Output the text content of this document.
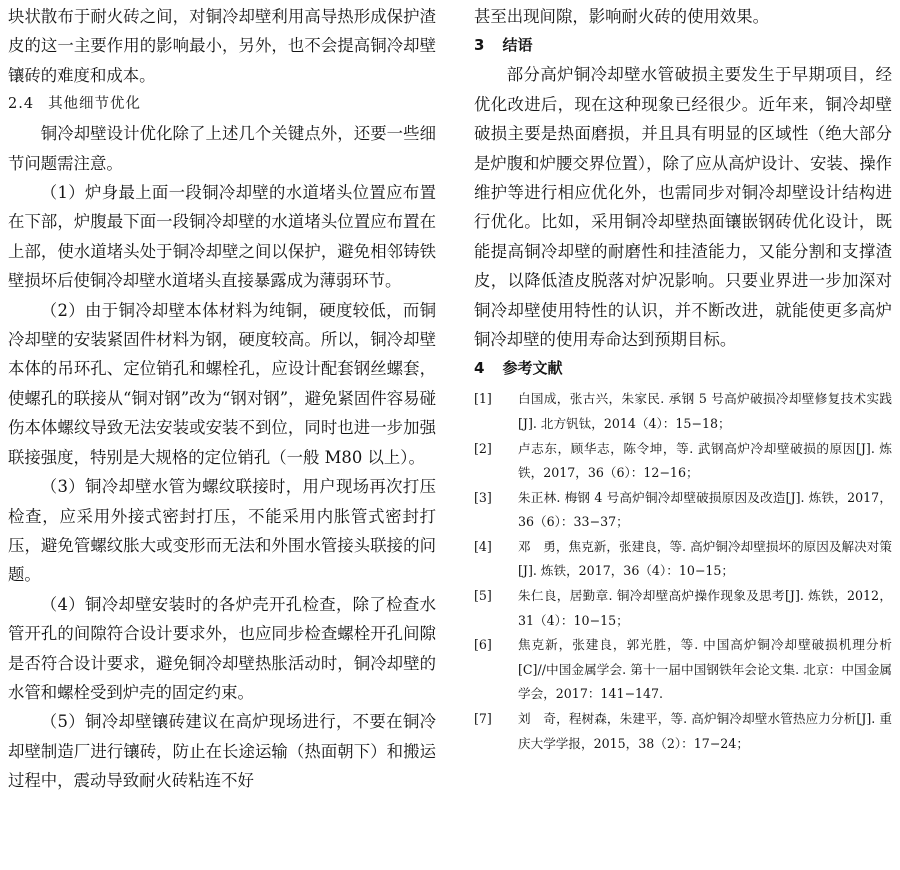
块状散布于耐火砖之间，对铜冷却壁利用高导热形成保护渣皮的这一主要作用的影响最小，另外，也不会提高铜冷却壁镶砖的难度和成本。

2.4 其他细节优化

铜冷却壁设计优化除了上述几个关键点外，还要一些细节问题需注意。

（1）炉身最上面一段铜冷却壁的水道堵头位置应布置在下部，炉腹最下面一段铜冷却壁的水道堵头位置应布置在上部，使水道堵头处于铜冷却壁之间以保护，避免相邻铸铁壁损坏后使铜冷却壁水道堵头直接暴露成为薄弱环节。

（2）由于铜冷却壁本体材料为纯铜，硬度较低，而铜冷却壁的安装紧固件材料为钢，硬度较高。所以，铜冷却壁本体的吊环孔、定位销孔和螺栓孔，应设计配套钢丝螺套，使螺孔的联接从“铜对钢”改为“钢对钢”，避免紧固件容易碰伤本体螺纹导致无法安装或安装不到位，同时也进一步加强联接强度，特别是大规格的定位销孔（一般 M80 以上）。

（3）铜冷却壁水管为螺纹联接时，用户现场再次打压检查，应采用外接式密封打压，不能采用内胀管式密封打压，避免管螺纹胀大或变形而无法和外围水管接头联接的问题。

（4）铜冷却壁安装时的各炉壳开孔检查，除了检查水管开孔的间隙符合设计要求外，也应同步检查螺栓开孔间隙是否符合设计要求，避免铜冷却壁热胀活动时，铜冷却壁的水管和螺栓受到炉壳的固定约束。

（5）铜冷却壁镶砖建议在高炉现场进行，不要在铜冷却壁制造厂进行镶砖，防止在长途运输（热面朝下）和搬运过程中，震动导致耐火砖粘连不好

甚至出现间隙，影响耐火砖的使用效果。

3 结语

部分高炉铜冷却壁水管破损主要发生于早期项目，经优化改进后，现在这种现象已经很少。近年来，铜冷却壁破损主要是热面磨损，并且具有明显的区域性（绝大部分是炉腹和炉腰交界位置），除了应从高炉设计、安装、操作维护等进行相应优化外，也需同步对铜冷却壁设计结构进行优化。比如，采用铜冷却壁热面镶嵌钢砖优化设计，既能提高铜冷却壁的耐磨性和挂渣能力，又能分割和支撑渣皮，以降低渣皮脱落对炉况影响。只要业界进一步加深对铜冷却壁使用特性的认识，并不断改进，就能使更多高炉铜冷却壁的使用寿命达到预期目标。

4 参考文献

[1]	白国成，张古兴，朱家民. 承钢 5 号高炉破损冷却壁修复技术实践[J]. 北方钒钛，2014（4）：15−18；

[2]	卢志东，顾华志，陈令坤，等. 武钢高炉冷却壁破损的原因[J]. 炼铁，2017，36（6）：12−16；

[3]	朱正林. 梅钢 4 号高炉铜冷却壁破损原因及改造[J]. 炼铁，2017，36（6）：33−37；

[4]	邓　勇，焦克新，张建良，等. 高炉铜冷却壁损坏的原因及解决对策[J]. 炼铁，2017，36（4）：10−15；

[5]	朱仁良，居勤章. 铜冷却壁高炉操作现象及思考[J]. 炼铁，2012，31（4）：10−15；

[6]	焦克新，张建良，郭光胜，等. 中国高炉铜冷却壁破损机理分析[C]//中国金属学会. 第十一届中国钢铁年会论文集. 北京：中国金属学会，2017：141−147.

[7]	刘　奇，程树森，朱建平，等. 高炉铜冷却壁水管热应力分析[J]. 重庆大学学报，2015，38（2）：17−24；
